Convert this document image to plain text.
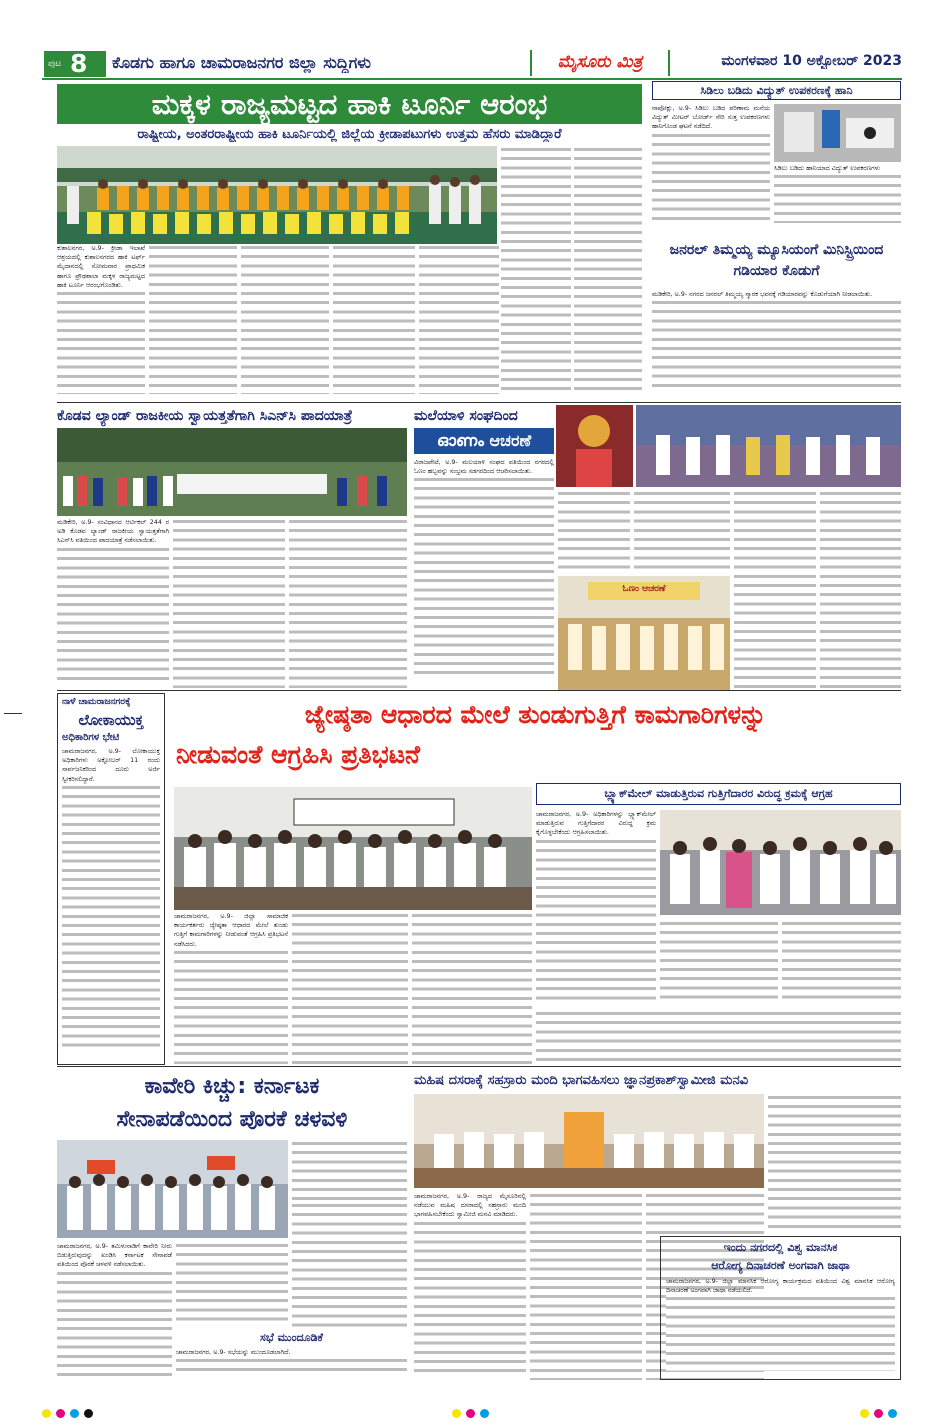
ಪುಟ 8 ಕೊಡಗು ಹಾಗೂ ಚಾಮರಾಜನಗರ ಜಿಲ್ಲಾ ಸುದ್ದಿಗಳು	ಮೈಸೂರು ಮಿತ್ರ	ಮಂಗಳವಾರ 10 ಅಕ್ಟೋಬರ್ 2023
ಮಕ್ಕಳ ರಾಜ್ಯಮಟ್ಟದ ಹಾಕಿ ಟೂರ್ನಿ ಆರಂಭ
ರಾಷ್ಟ್ರೀಯ, ಅಂತರರಾಷ್ಟ್ರೀಯ ಹಾಕಿ ಟೂರ್ನಿಯಲ್ಲಿ ಜಿಲ್ಲೆಯ ಕ್ರೀಡಾಪಟುಗಳು ಉತ್ತಮ ಹೆಸರು ಮಾಡಿದ್ದಾರೆ
ಕುಶಾಲನಗರ, ಅ.9- ಕ್ರೀಡಾ ಇಲಾಖೆ ಆಶ್ರಯದಲ್ಲಿ ಕುಶಾಲನಗರದ ಹಾಕಿ ಟರ್ಫ್ ಮೈದಾನದಲ್ಲಿ ಸೋಮವಾರ ಪ್ರಾಥಮಿಕ ಹಾಗೂ ಪ್ರೌಢಶಾಲಾ ಮಕ್ಕಳ ರಾಜ್ಯಮಟ್ಟದ ಹಾಕಿ ಟೂರ್ನಿ ಆರಂಭಗೊಂಡಿತು.
ಸಿಡಿಲು ಬಡಿದು ವಿದ್ಯುತ್ ಉಪಕರಣಕ್ಕೆ ಹಾನಿ
ನಾಪೋಕ್ಲು, ಅ.9- ಸಿಡಿಲು ಬಡಿದ ಪರಿಣಾಮ ಮನೆಯ ವಿದ್ಯುತ್ ಮೀಟರ್ ಬೋರ್ಡ್ ಸೇರಿ ಸುತ್ತ ಉಪಕರಣಗಳು ಹಾನಿಗೊಂಡ ಘಟನೆ ನಡೆದಿದೆ.
ಸಿಡಿಲು ಬಡಿದು ಹಾನಿಯಾದ ವಿದ್ಯುತ್ ಉಪಕರಣಗಳು
ಜನರಲ್ ತಿಮ್ಮಯ್ಯ ಮ್ಯೂಸಿಯಂಗೆ ಮಿನಿಸ್ಟ್ರಿಯಿಂದ ಗಡಿಯಾರ ಕೊಡುಗೆ
ಮಡಿಕೇರಿ, ಅ.9- ನಗರದ ಜನರಲ್ ತಿಮ್ಮಯ್ಯ ಸ್ಮಾರಕ ಭವನಕ್ಕೆ ಗಡಿಯಾರವನ್ನು ಕೊಡುಗೆಯಾಗಿ ನೀಡಲಾಯಿತು.
ಕೊಡವ ಲ್ಯಾಂಡ್ ರಾಜಕೀಯ ಸ್ವಾಯತ್ತತೆಗಾಗಿ ಸಿಎನ್‌ಸಿ ಪಾದಯಾತ್ರೆ
ಮಡಿಕೇರಿ, ಅ.9- ಸಂವಿಧಾನದ ಆರ್ಟಿಕಲ್ 244 ರ ಅಡಿ ಕೊಡವ ಲ್ಯಾಂಡ್ ರಾಜಕೀಯ ಸ್ವಾಯತ್ತತೆಗಾಗಿ ಸಿಎನ್‌ಸಿ ವತಿಯಿಂದ ಪಾದಯಾತ್ರೆ ನಡೆಸಲಾಯಿತು.
ಮಲೆಯಾಳಿ ಸಂಘದಿಂದ
ഓണം ಆಚರಣೆ
ವಿರಾಜಪೇಟೆ, ಅ.9- ಮಲಯಾಳಿ ಸಂಘದ ವತಿಯಿಂದ ನಗರದಲ್ಲಿ ಓಣಂ ಹಬ್ಬವನ್ನು ಸಂಭ್ರಮ ಸಡಗರದಿಂದ ಆಚರಿಸಲಾಯಿತು.
ಓಣಂ ಆಚರಣೆ
ನಾಳೆ ಚಾಮರಾಜನಗರಕ್ಕೆ
ಲೋಕಾಯುಕ್ತ
ಅಧಿಕಾರಿಗಳ ಭೇಟಿ
ಚಾಮರಾಜನಗರ, ಅ.9- ಲೋಕಾಯುಕ್ತ ಅಧಿಕಾರಿಗಳು ಅಕ್ಟೋಬರ್ 11 ರಂದು ಸಾರ್ವಜನಿಕರಿಂದ ದೂರು ಅರ್ಜಿ ಸ್ವೀಕರಿಸಲಿದ್ದಾರೆ.
ಜ್ಯೇಷ್ಠತಾ ಆಧಾರದ ಮೇಲೆ ತುಂಡುಗುತ್ತಿಗೆ ಕಾಮಗಾರಿಗಳನ್ನು
ನೀಡುವಂತೆ ಆಗ್ರಹಿಸಿ ಪ್ರತಿಭಟನೆ
ಚಾಮರಾಜನಗರ, ಅ.9- ಜಿಲ್ಲಾ ಸಾಮಾಜಿಕ ಕಾರ್ಯಕರ್ತರು ಜ್ಯೇಷ್ಠತಾ ಆಧಾರದ ಮೇಲೆ ತುಂಡು ಗುತ್ತಿಗೆ ಕಾಮಗಾರಿಗಳನ್ನು ನೀಡುವಂತೆ ಆಗ್ರಹಿಸಿ ಪ್ರತಿಭಟನೆ ನಡೆಸಿದರು.
ಬ್ಲ್ಯಾಕ್‌ಮೇಲ್ ಮಾಡುತ್ತಿರುವ ಗುತ್ತಿಗೆದಾರರ ವಿರುದ್ಧ ಕ್ರಮಕ್ಕೆ ಆಗ್ರಹ
ಚಾಮರಾಜನಗರ, ಅ.9- ಅಧಿಕಾರಿಗಳನ್ನು ಬ್ಲ್ಯಾಕ್‌ಮೇಲ್ ಮಾಡುತ್ತಿರುವ ಗುತ್ತಿಗೆದಾರರ ವಿರುದ್ಧ ಕ್ರಮ ಕೈಗೊಳ್ಳಬೇಕೆಂದು ಆಗ್ರಹಿಸಲಾಯಿತು.
ಕಾವೇರಿ ಕಿಚ್ಚು: ಕರ್ನಾಟಕ
ಸೇನಾಪಡೆಯಿಂದ ಪೊರಕೆ ಚಳವಳಿ
ಚಾಮರಾಜನಗರ, ಅ.9- ತಮಿಳುನಾಡಿಗೆ ಕಾವೇರಿ ನೀರು ಬಿಡುತ್ತಿರುವುದನ್ನು ಖಂಡಿಸಿ ಕರ್ನಾಟಕ ಸೇನಾಪಡೆ ವತಿಯಿಂದ ಪೊರಕೆ ಚಳವಳಿ ನಡೆಸಲಾಯಿತು.
ಸಭೆ ಮುಂದೂಡಿಕೆ
ಚಾಮರಾಜನಗರ, ಅ.9- ಸಭೆಯನ್ನು ಮುಂದೂಡಲಾಗಿದೆ.
ಮಹಿಷ ದಸರಾಕ್ಕೆ ಸಹಸ್ರಾರು ಮಂದಿ ಭಾಗವಹಿಸಲು ಜ್ಞಾನಪ್ರಕಾಶ್‌ಸ್ವಾಮೀಜಿ ಮನವಿ
ಚಾಮರಾಜನಗರ, ಅ.9- ರಾಜ್ಯದ ಮೈಸೂರಿನಲ್ಲಿ ನಡೆಯುವ ಮಹಿಷ ದಸರಾದಲ್ಲಿ ಸಹಸ್ರಾರು ಮಂದಿ ಭಾಗವಹಿಸಬೇಕೆಂದು ಸ್ವಾಮೀಜಿ ಮನವಿ ಮಾಡಿದರು.
ಇಂದು ನಗರದಲ್ಲಿ ವಿಶ್ವ ಮಾನಸಿಕ
ಆರೋಗ್ಯ ದಿನಾಚರಣೆ ಅಂಗವಾಗಿ ಜಾಥಾ
ಚಾಮರಾಜನಗರ, ಅ.9- ಜಿಲ್ಲಾ ಮಾನಸಿಕ ಆರೋಗ್ಯ ಕಾರ್ಯಕ್ರಮದ ವತಿಯಿಂದ ವಿಶ್ವ ಮಾನಸಿಕ ಆರೋಗ್ಯ ದಿನಾಚರಣೆ ಅಂಗವಾಗಿ ಜಾಥಾ ನಡೆಯಲಿದೆ.
